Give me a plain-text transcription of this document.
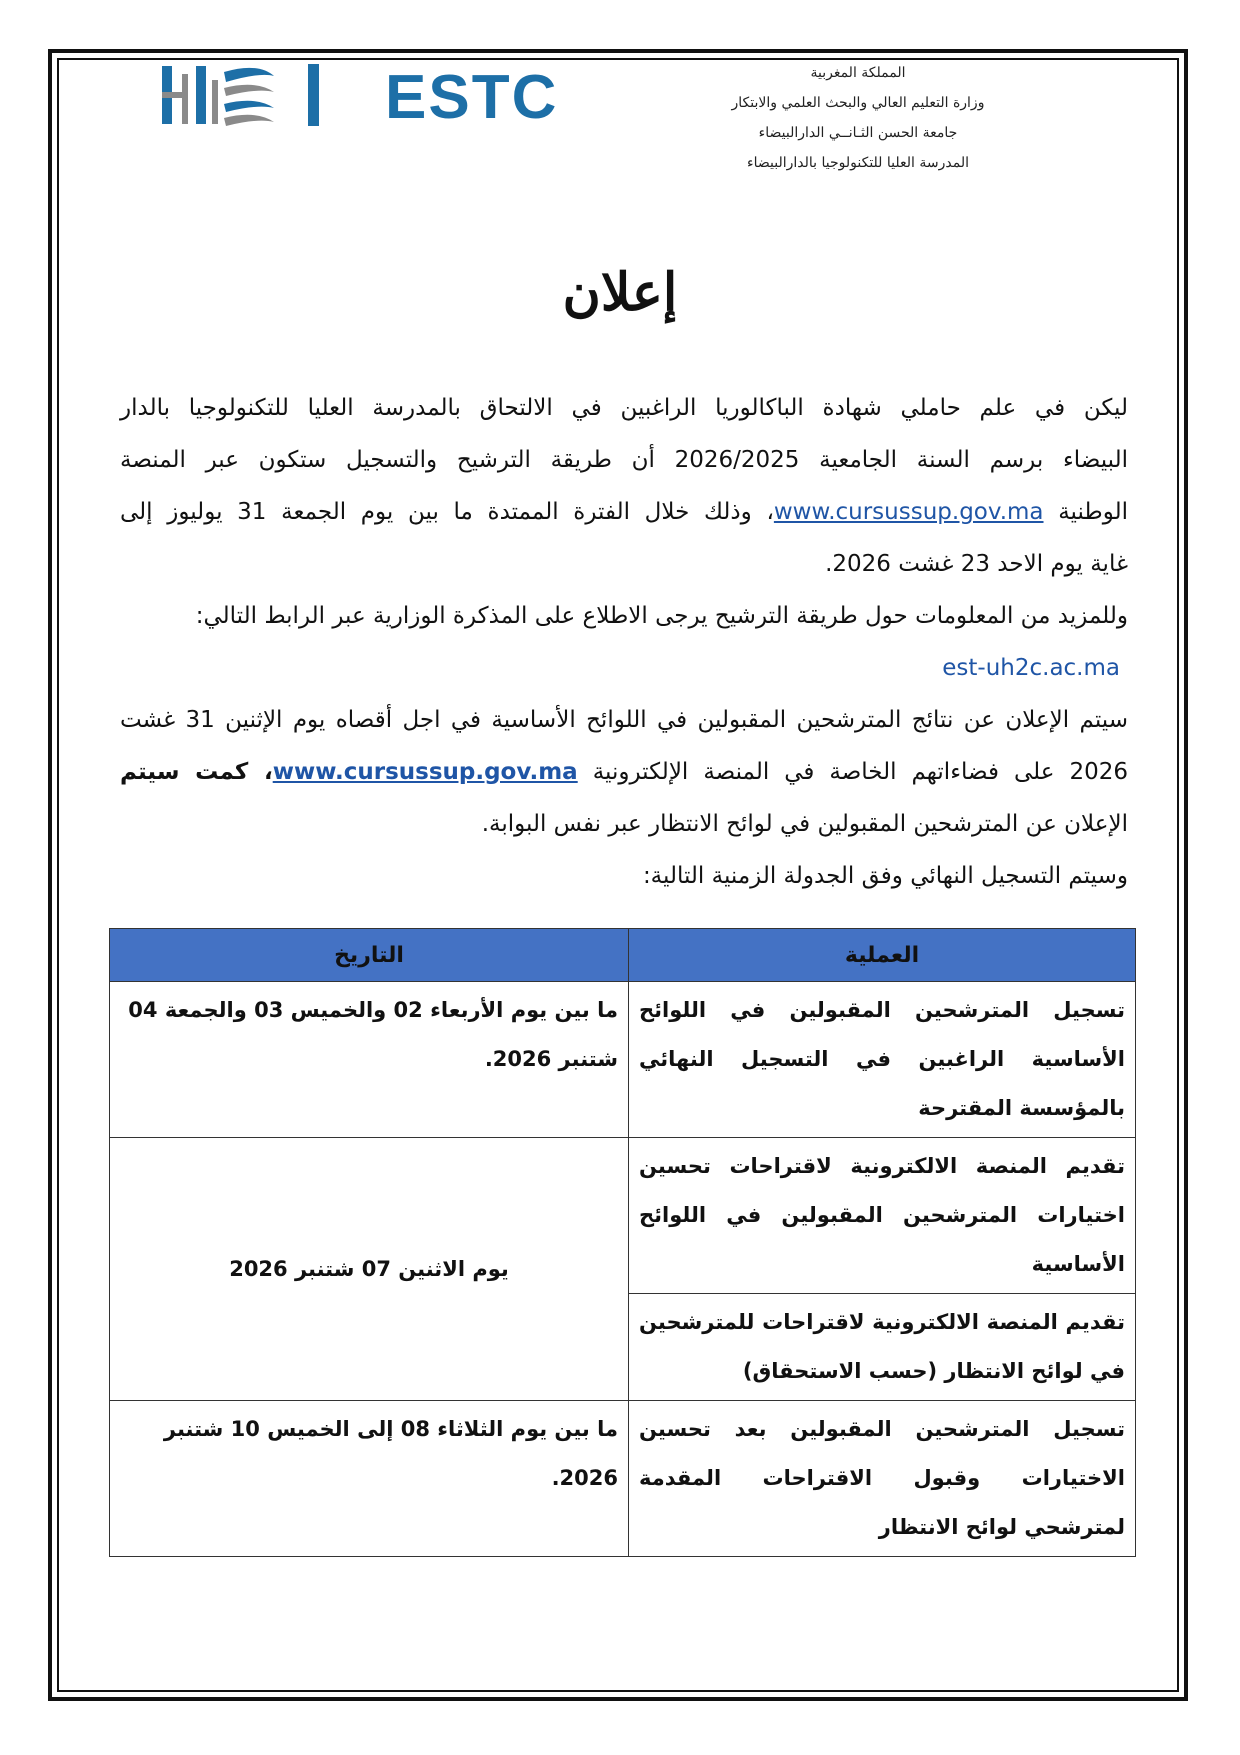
ESTC	المملكة المغربية
وزارة التعليم العالي والبحث العلمي والابتكار
جامعة الحسن الثـانــي الدارالبيضاء
المدرسة العليا للتكنولوجيا بالدارالبيضاء
إعلان
ليكن في علم حاملي شهادة الباكالوريا الراغبين في الالتحاق بالمدرسة العليا للتكنولوجيا بالدار
البيضاء برسم السنة الجامعية 2026/2025 أن طريقة الترشيح والتسجيل ستكون عبر المنصة
الوطنية www.cursussup.gov.ma، وذلك خلال الفترة الممتدة ما بين يوم الجمعة 31 يوليوز إلى
غاية يوم الاحد 23 غشت 2026.
وللمزيد من المعلومات حول طريقة الترشيح يرجى الاطلاع على المذكرة الوزارية عبر الرابط التالي:
est-uh2c.ac.ma
سيتم الإعلان عن نتائج المترشحين المقبولين في اللوائح الأساسية في اجل أقصاه يوم الإثنين 31 غشت
2026 على فضاءاتهم الخاصة في المنصة الإلكترونية www.cursussup.gov.ma، كمت سيتم
الإعلان عن المترشحين المقبولين في لوائح الانتظار عبر نفس البوابة.
وسيتم التسجيل النهائي وفق الجدولة الزمنية التالية:
العملية	التاريخ
تسجيل المترشحين المقبولين في اللوائح الأساسية الراغبين في التسجيل النهائي بالمؤسسة المقترحة	ما بين يوم الأربعاء 02 والخميس 03 والجمعة 04 شتنبر 2026.
تقديم المنصة الالكترونية لاقتراحات تحسين اختيارات المترشحين المقبولين في اللوائح الأساسية	يوم الاثنين 07 شتنبر 2026
تقديم المنصة الالكترونية لاقتراحات للمترشحين في لوائح الانتظار (حسب الاستحقاق)	
تسجيل المترشحين المقبولين بعد تحسين الاختيارات وقبول الاقتراحات المقدمة لمترشحي لوائح الانتظار	ما بين يوم الثلاثاء 08 إلى الخميس 10 شتنبر 2026.
